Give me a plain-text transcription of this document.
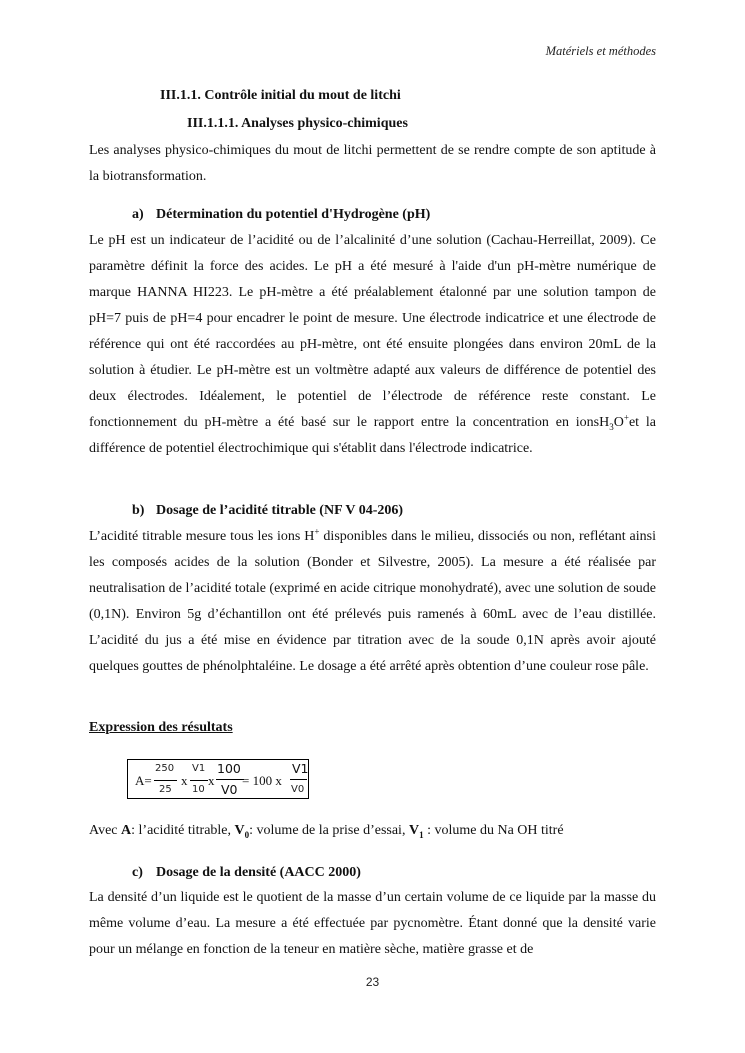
Matériels et méthodes
III.1.1. Contrôle initial du mout de litchi
III.1.1.1. Analyses physico-chimiques

Les analyses physico-chimiques du mout de litchi permettent de se rendre compte de son aptitude à la biotransformation.

a) Détermination du potentiel d'Hydrogène (pH)

Le pH est un indicateur de l’acidité ou de l’alcalinité d’une solution (Cachau-Herreillat, 2009). Ce paramètre définit la force des acides. Le pH a été mesuré à l'aide d'un pH-mètre numérique de marque HANNA HI223. Le pH-mètre a été préalablement étalonné par une solution tampon de pH=7 puis de pH=4 pour encadrer le point de mesure. Une électrode indicatrice et une électrode de référence qui ont été raccordées au pH-mètre, ont été ensuite plongées dans environ 20mL de la solution à étudier. Le pH-mètre est un voltmètre adapté aux valeurs de différence de potentiel des deux électrodes. Idéalement, le potentiel de l’électrode de référence reste constant. Le fonctionnement du pH-mètre a été basé sur le rapport entre la concentration en ionsH$_3$O+et la différence de potentiel électrochimique qui s'établit dans l'électrode indicatrice.

b) Dosage de l’acidité titrable (NF V 04-206)

L’acidité titrable mesure tous les ions H+ disponibles dans le milieu, dissociés ou non, reflétant ainsi les composés acides de la solution (Bonder et Silvestre, 2005). La mesure a été réalisée par neutralisation de l’acidité totale (exprimé en acide citrique monohydraté), avec une solution de soude (0,1N). Environ 5g d’échantillon ont été prélevés puis ramenés à 60mL avec de l’eau distillée. L’acidité du jus a été mise en évidence par titration avec de la soude 0,1N après avoir ajouté quelques gouttes de phénolphtaléine. Le dosage a été arrêté après obtention d’une couleur rose pâle.

Expression des résultats
A=
250
25
x
V1
10
x
100
V0
= 100 x
V1
V0
Avec A: l’acidité titrable, $V_0$: volume de la prise d’essai, $V_1$ : volume du Na OH titré
c) Dosage de la densité (AACC 2000)

La densité d’un liquide est le quotient de la masse d’un certain volume de ce liquide par la masse du même volume d’eau. La mesure a été effectuée par pycnomètre. Étant donné que la densité varie pour un mélange en fonction de la teneur en matière sèche, matière grasse et de

23
